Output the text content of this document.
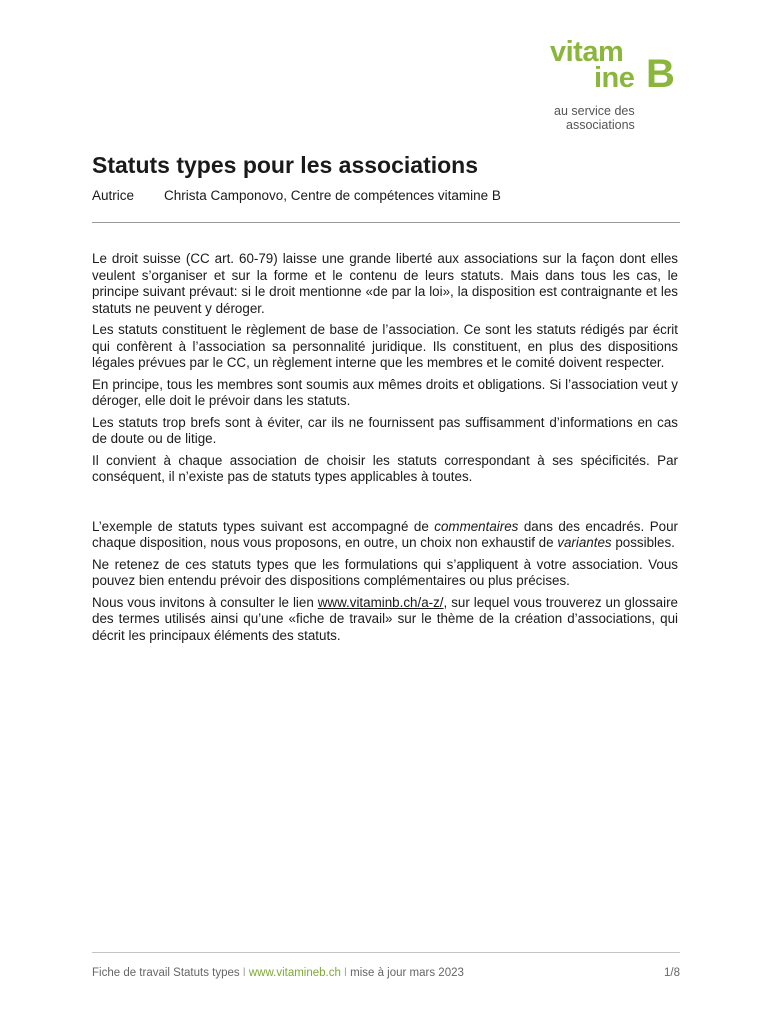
vitam
ine B
au service des
associations
Statuts types pour les associations
Autrice Christa Camponovo, Centre de compétences vitamine B

Le droit suisse (CC art. 60-79) laisse une grande liberté aux associations sur la façon dont elles veulent s’organiser et sur la forme et le contenu de leurs statuts. Mais dans tous les cas, le principe suivant prévaut: si le droit mentionne «de par la loi», la disposition est contraignante et les statuts ne peuvent y déroger.

Les statuts constituent le règlement de base de l’association. Ce sont les statuts rédigés par écrit qui confèrent à l’association sa personnalité juridique. Ils constituent, en plus des dispositions légales prévues par le CC, un règlement interne que les membres et le comité doivent respecter.

En principe, tous les membres sont soumis aux mêmes droits et obligations. Si l’association veut y déroger, elle doit le prévoir dans les statuts.

Les statuts trop brefs sont à éviter, car ils ne fournissent pas suffisamment d’informations en cas de doute ou de litige.

Il convient à chaque association de choisir les statuts correspondant à ses spécificités. Par conséquent, il n’existe pas de statuts types applicables à toutes.

L’exemple de statuts types suivant est accompagné de commentaires dans des encadrés. Pour chaque disposition, nous vous proposons, en outre, un choix non exhaustif de variantes possibles.

Ne retenez de ces statuts types que les formulations qui s’appliquent à votre association. Vous pouvez bien entendu prévoir des dispositions complémentaires ou plus précises.

Nous vous invitons à consulter le lien www.vitaminb.ch/a-z/, sur lequel vous trouverez un glossaire des termes utilisés ainsi qu’une «fiche de travail» sur le thème de la création d’associations, qui décrit les principaux éléments des statuts.

Fiche de travail Statuts types I www.vitamineb.ch I mise à jour mars 2023	1/8
